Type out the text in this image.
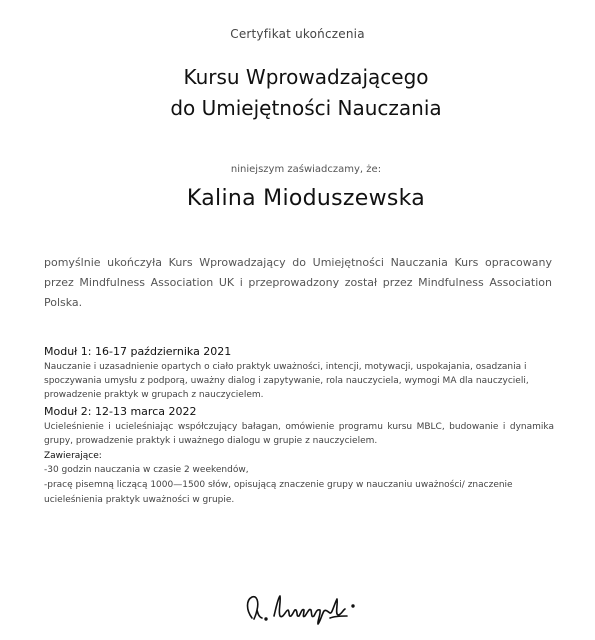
Certyfikat ukończenia
Kursu Wprowadzającego
do Umiejętności Nauczania
niniejszym zaświadczamy, że:
Kalina Mioduszewska
pomyślnie ukończyła Kurs Wprowadzający do Umiejętności Nauczania Kurs opracowany przez Mindfulness Association UK i przeprowadzony został przez Mindfulness Association Polska.
Moduł 1: 16-17 października 2021
Nauczanie i uzasadnienie opartych o ciało praktyk uważności, intencji, motywacji, uspokajania, osadzania i spoczywania umysłu z podporą, uważny dialog i zapytywanie, rola nauczyciela, wymogi MA dla nauczycieli, prowadzenie praktyk w grupach z nauczycielem.
Moduł 2: 12-13 marca 2022
Ucieleśnienie i ucieleśniając współczujący bałagan, omówienie programu kursu MBLC, budowanie i dynamika grupy, prowadzenie praktyk i uważnego dialogu w grupie z nauczycielem.
Zawierające:
-30 godzin nauczania w czasie 2 weekendów,
-pracę pisemną liczącą 1000—1500 słów, opisującą znaczenie grupy w nauczaniu uważności/ znaczenie ucieleśnienia praktyk uważności w grupie.
